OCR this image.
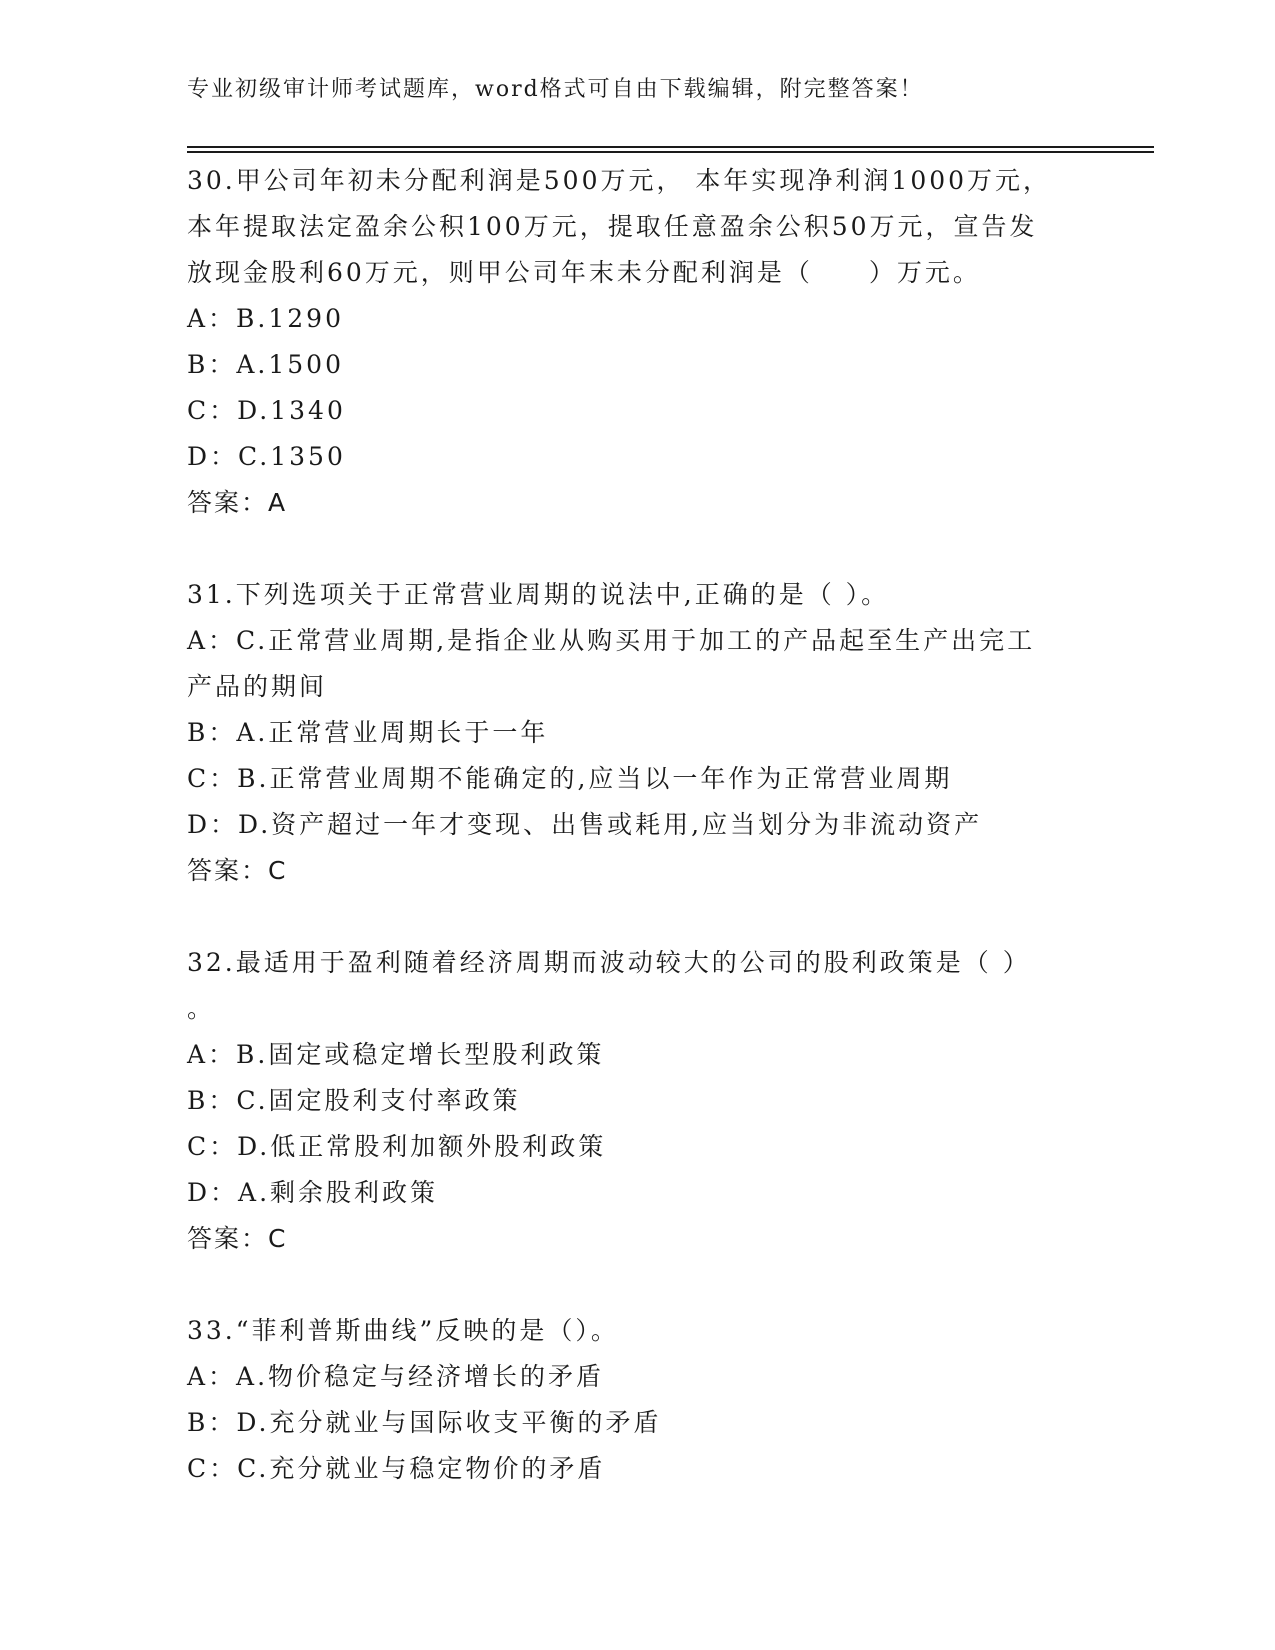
专业初级审计师考试题库，word格式可自由下载编辑，附完整答案！
30.甲公司年初未分配利润是500万元， 本年实现净利润1000万元，
本年提取法定盈余公积100万元，提取任意盈余公积50万元，宣告发
放现金股利60万元，则甲公司年末未分配利润是（　　）万元。
A：B.1290
B：A.1500
C：D.1340
D：C.1350
答案：A
31.下列选项关于正常营业周期的说法中,正确的是（ ）。
A：C.正常营业周期,是指企业从购买用于加工的产品起至生产出完工
产品的期间
B：A.正常营业周期长于一年
C：B.正常营业周期不能确定的,应当以一年作为正常营业周期
D：D.资产超过一年才变现、出售或耗用,应当划分为非流动资产
答案：C
32.最适用于盈利随着经济周期而波动较大的公司的股利政策是（ ）
。
A：B.固定或稳定增长型股利政策
B：C.固定股利支付率政策
C：D.低正常股利加额外股利政策
D：A.剩余股利政策
答案：C
33.“菲利普斯曲线”反映的是（）。
A：A.物价稳定与经济增长的矛盾
B：D.充分就业与国际收支平衡的矛盾
C：C.充分就业与稳定物价的矛盾
